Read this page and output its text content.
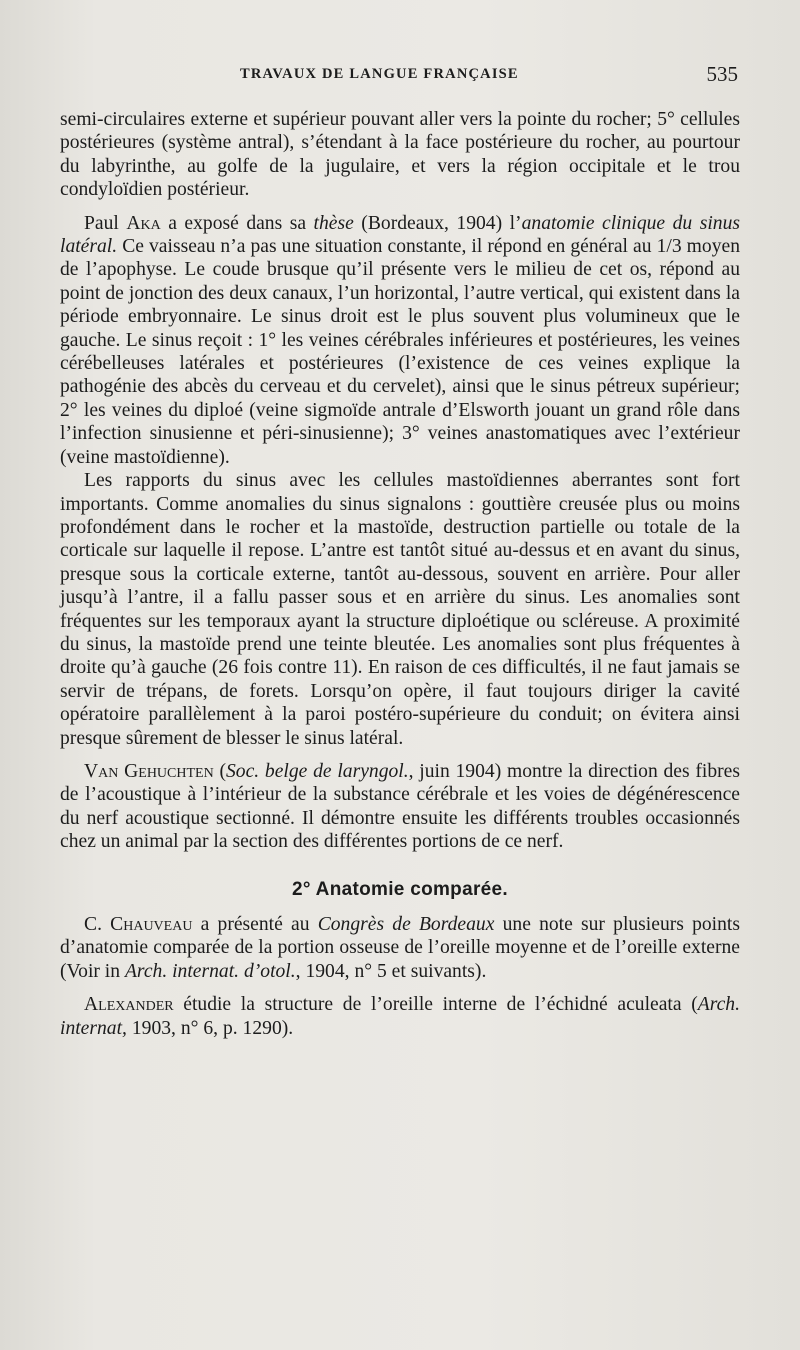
TRAVAUX DE LANGUE FRANÇAISE	535

semi-circulaires externe et supérieur pouvant aller vers la pointe du rocher; 5° cellules postérieures (système antral), s’étendant à la face postérieure du rocher, au pourtour du labyrinthe, au golfe de la jugulaire, et vers la région occipitale et le trou condyloïdien postérieur.

Paul Aka a exposé dans sa thèse (Bordeaux, 1904) l’anatomie clinique du sinus latéral. Ce vaisseau n’a pas une situation constante, il répond en général au 1/3 moyen de l’apophyse. Le coude brusque qu’il présente vers le milieu de cet os, répond au point de jonction des deux canaux, l’un horizontal, l’autre vertical, qui existent dans la période embryonnaire. Le sinus droit est le plus souvent plus volumineux que le gauche. Le sinus reçoit : 1° les veines cérébrales inférieures et postérieures, les veines cérébelleuses latérales et postérieures (l’existence de ces veines explique la pathogénie des abcès du cerveau et du cervelet), ainsi que le sinus pétreux supérieur; 2° les veines du diploé (veine sigmoïde antrale d’Elsworth jouant un grand rôle dans l’infection sinusienne et péri-sinusienne); 3° veines anastomatiques avec l’extérieur (veine mastoïdienne).

Les rapports du sinus avec les cellules mastoïdiennes aberrantes sont fort importants. Comme anomalies du sinus signalons : gouttière creusée plus ou moins profondément dans le rocher et la mastoïde, destruction partielle ou totale de la corticale sur laquelle il repose. L’antre est tantôt situé au-dessus et en avant du sinus, presque sous la corticale externe, tantôt au-dessous, souvent en arrière. Pour aller jusqu’à l’antre, il a fallu passer sous et en arrière du sinus. Les anomalies sont fréquentes sur les temporaux ayant la structure diploétique ou scléreuse. A proximité du sinus, la mastoïde prend une teinte bleutée. Les anomalies sont plus fréquentes à droite qu’à gauche (26 fois contre 11). En raison de ces difficultés, il ne faut jamais se servir de trépans, de forets. Lorsqu’on opère, il faut toujours diriger la cavité opératoire parallèlement à la paroi postéro-supérieure du conduit; on évitera ainsi presque sûrement de blesser le sinus latéral.

Van Gehuchten (Soc. belge de laryngol., juin 1904) montre la direction des fibres de l’acoustique à l’intérieur de la substance cérébrale et les voies de dégénérescence du nerf acoustique sectionné. Il démontre ensuite les différents troubles occasionnés chez un animal par la section des différentes portions de ce nerf.

2° Anatomie comparée.

C. Chauveau a présenté au Congrès de Bordeaux une note sur plusieurs points d’anatomie comparée de la portion osseuse de l’oreille moyenne et de l’oreille externe (Voir in Arch. internat. d’otol., 1904, n° 5 et suivants).

Alexander étudie la structure de l’oreille interne de l’échidné aculeata (Arch. internat, 1903, n° 6, p. 1290).
